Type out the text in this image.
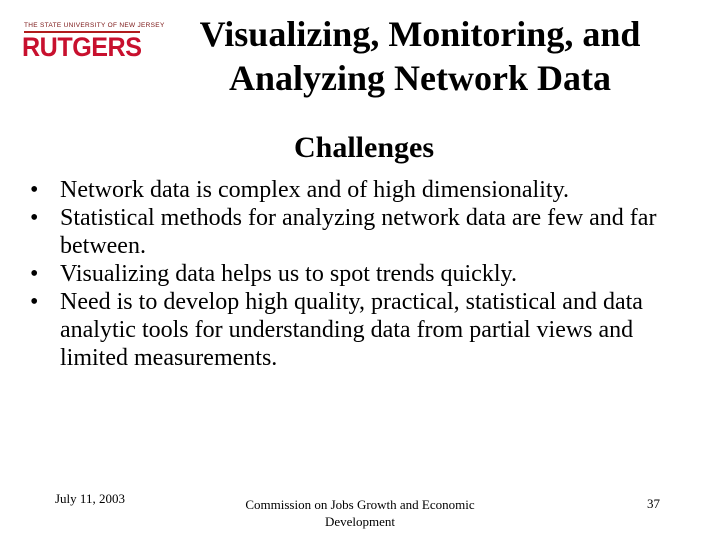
THE STATE UNIVERSITY OF NEW JERSEY
RUTGERS	Visualizing, Monitoring, and Analyzing Network Data
Challenges
• Network data is complex and of high dimensionality.
• Statistical methods for analyzing network data are few and far between.
• Visualizing data helps us to spot trends quickly.
• Need is to develop high quality, practical, statistical and data analytic tools for understanding data from partial views and limited measurements.
July 11, 2003	Commission on Jobs Growth and Economic Development
37
